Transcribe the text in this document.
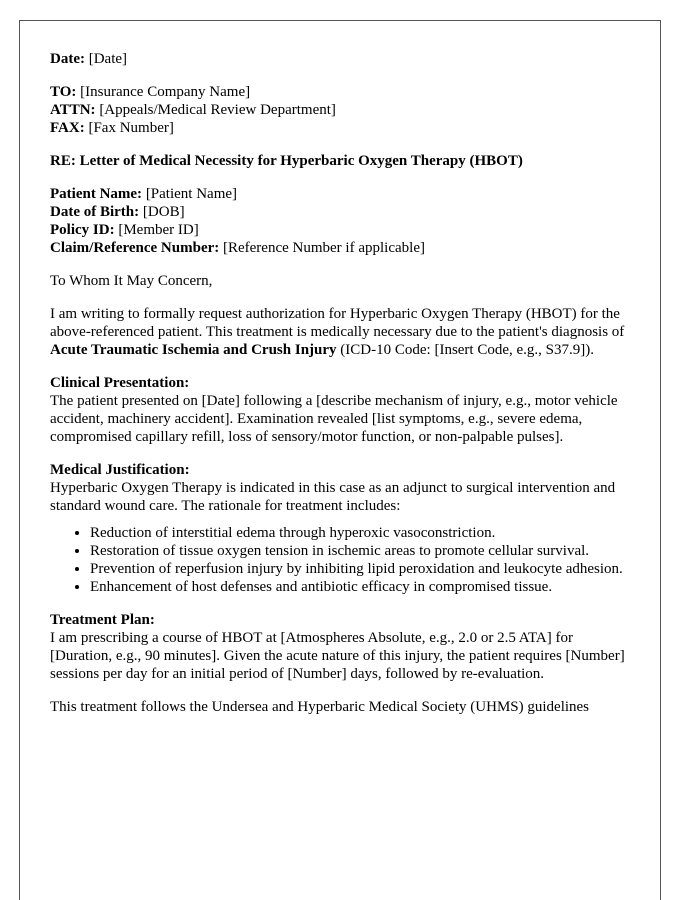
Date: [Date]

TO: [Insurance Company Name]
ATTN: [Appeals/Medical Review Department]
FAX: [Fax Number]

RE: Letter of Medical Necessity for Hyperbaric Oxygen Therapy (HBOT)

Patient Name: [Patient Name]
Date of Birth: [DOB]
Policy ID: [Member ID]
Claim/Reference Number: [Reference Number if applicable]

To Whom It May Concern,

I am writing to formally request authorization for Hyperbaric Oxygen Therapy (HBOT) for the above-referenced patient. This treatment is medically necessary due to the patient's diagnosis of Acute Traumatic Ischemia and Crush Injury (ICD-10 Code: [Insert Code, e.g., S37.9]).

Clinical Presentation:
The patient presented on [Date] following a [describe mechanism of injury, e.g., motor vehicle accident, machinery accident]. Examination revealed [list symptoms, e.g., severe edema, compromised capillary refill, loss of sensory/motor function, or non-palpable pulses].

Medical Justification:
Hyperbaric Oxygen Therapy is indicated in this case as an adjunct to surgical intervention and standard wound care. The rationale for treatment includes:

• Reduction of interstitial edema through hyperoxic vasoconstriction.
• Restoration of tissue oxygen tension in ischemic areas to promote cellular survival.
• Prevention of reperfusion injury by inhibiting lipid peroxidation and leukocyte adhesion.
• Enhancement of host defenses and antibiotic efficacy in compromised tissue.

Treatment Plan:
I am prescribing a course of HBOT at [Atmospheres Absolute, e.g., 2.0 or 2.5 ATA] for [Duration, e.g., 90 minutes]. Given the acute nature of this injury, the patient requires [Number] sessions per day for an initial period of [Number] days, followed by re-evaluation.

This treatment follows the Undersea and Hyperbaric Medical Society (UHMS) guidelines
